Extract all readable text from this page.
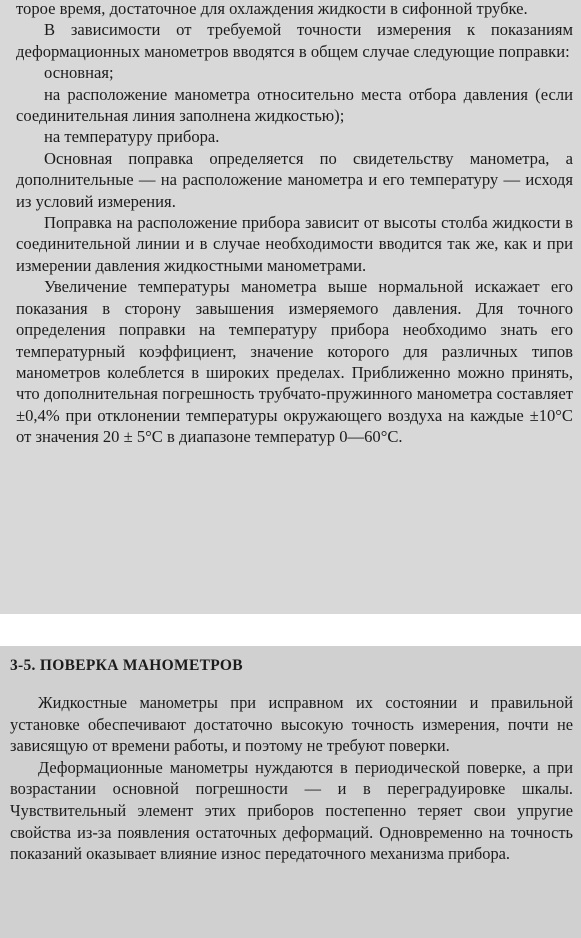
торое время, достаточное для охлаждения жидкости в сифонной трубке.

В зависимости от требуемой точности измерения к показаниям деформационных манометров вводятся в общем случае следующие поправки:

основная;

на расположение манометра относительно места отбора давления (если соединительная линия заполнена жидкостью);

на температуру прибора.

Основная поправка определяется по свидетельству манометра, а дополнительные — на расположение манометра и его температуру — исходя из условий измерения.

Поправка на расположение прибора зависит от высоты столба жидкости в соединительной линии и в случае необходимости вводится так же, как и при измерении давления жидкостными манометрами.

Увеличение температуры манометра выше нормальной искажает его показания в сторону завышения измеряемого давления. Для точного определения поправки на температуру прибора необходимо знать его температурный коэффициент, значение которого для различных типов манометров колеблется в широких пределах. Приближенно можно принять, что дополнительная погрешность трубчато-пружинного манометра составляет ±0,4% при отклонении температуры окружающего воздуха на каждые ±10°C от значения 20 ± 5°C в диапазоне температур 0—60°C.

3-5. ПОВЕРКА МАНОМЕТРОВ

Жидкостные манометры при исправном их состоянии и правильной установке обеспечивают достаточно высокую точность измерения, почти не зависящую от времени работы, и поэтому не требуют поверки.

Деформационные манометры нуждаются в периодической поверке, а при возрастании основной погрешности — и в переградуировке шкалы. Чувствительный элемент этих приборов постепенно теряет свои упругие свойства из-за появления остаточных деформаций. Одновременно на точность показаний оказывает влияние износ передаточного механизма прибора.
